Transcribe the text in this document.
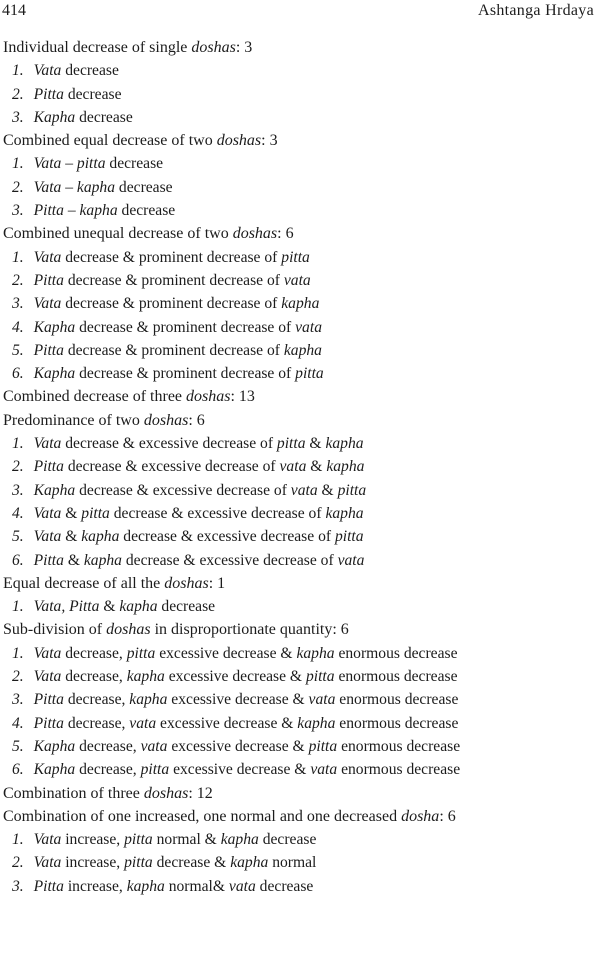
414	Ashtanga Hrdaya
Individual decrease of single doshas: 3
1. Vata decrease
2. Pitta decrease
3. Kapha decrease
Combined equal decrease of two doshas: 3
1. Vata – pitta decrease
2. Vata – kapha decrease
3. Pitta – kapha decrease
Combined unequal decrease of two doshas: 6
1. Vata decrease & prominent decrease of pitta
2. Pitta decrease & prominent decrease of vata
3. Vata decrease & prominent decrease of kapha
4. Kapha decrease & prominent decrease of vata
5. Pitta decrease & prominent decrease of kapha
6. Kapha decrease & prominent decrease of pitta
Combined decrease of three doshas: 13
Predominance of two doshas: 6
1. Vata decrease & excessive decrease of pitta & kapha
2. Pitta decrease & excessive decrease of vata & kapha
3. Kapha decrease & excessive decrease of vata & pitta
4. Vata & pitta decrease & excessive decrease of kapha
5. Vata & kapha decrease & excessive decrease of pitta
6. Pitta & kapha decrease & excessive decrease of vata
Equal decrease of all the doshas: 1
1. Vata, Pitta & kapha decrease
Sub-division of doshas in disproportionate quantity: 6
1. Vata decrease, pitta excessive decrease & kapha enormous decrease
2. Vata decrease, kapha excessive decrease & pitta enormous decrease
3. Pitta decrease, kapha excessive decrease & vata enormous decrease
4. Pitta decrease, vata excessive decrease & kapha enormous decrease
5. Kapha decrease, vata excessive decrease & pitta enormous decrease
6. Kapha decrease, pitta excessive decrease & vata enormous decrease
Combination of three doshas: 12
Combination of one increased, one normal and one decreased dosha: 6
1. Vata increase, pitta normal & kapha decrease
2. Vata increase, pitta decrease & kapha normal
3. Pitta increase, kapha normal& vata decrease
